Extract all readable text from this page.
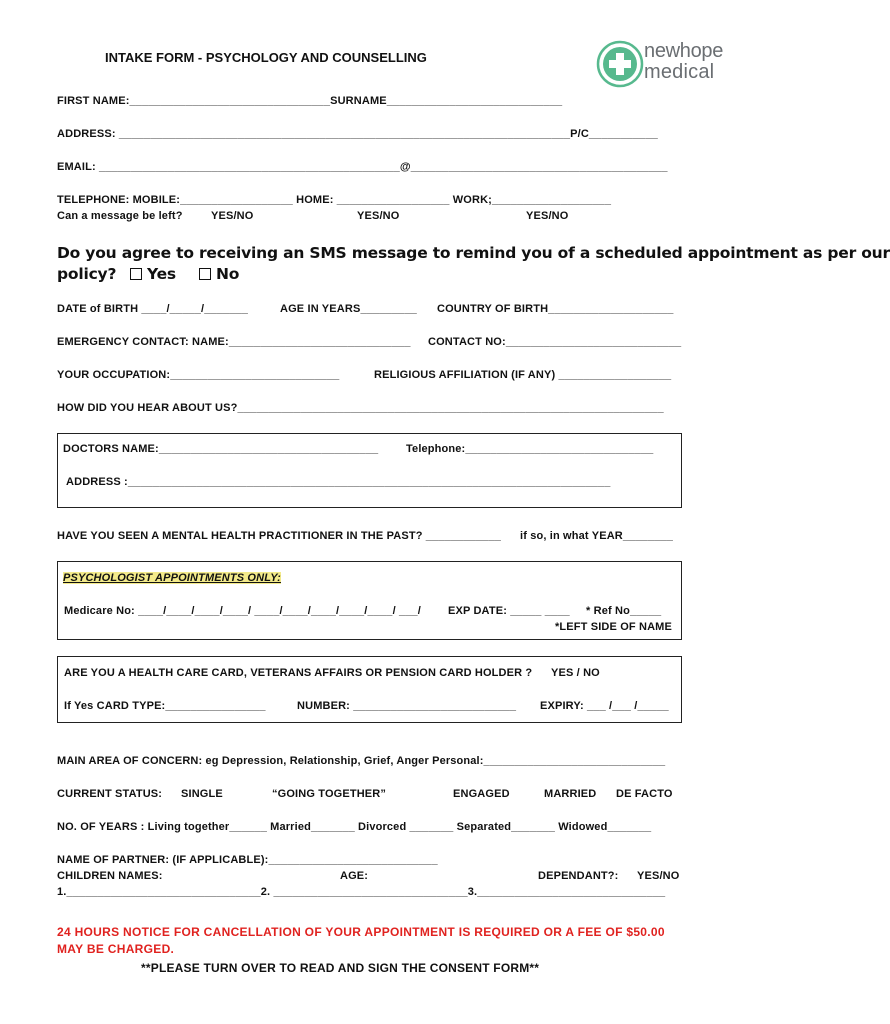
INTAKE FORM - PSYCHOLOGY AND COUNSELLING	newhope
medical
FIRST NAME:________________________________SURNAME____________________________
ADDRESS: ________________________________________________________________________P/C___________
EMAIL: ________________________________________________@_________________________________________
TELEPHONE: MOBILE:__________________ HOME: __________________ WORK;___________________
Can a message be left?	YES/NO	YES/NO	YES/NO
Do you agree to receiving an SMS message to remind you of a scheduled appointment as per our
policy?	Yes	No
DATE of BIRTH ____/_____/_______	AGE IN YEARS_________ COUNTRY OF BIRTH____________________
EMERGENCY CONTACT: NAME:_____________________________ CONTACT NO:____________________________
YOUR OCCUPATION:___________________________	RELIGIOUS AFFILIATION (IF ANY) __________________
HOW DID YOU HEAR ABOUT US?____________________________________________________________________
DOCTORS NAME:___________________________________	Telephone:______________________________
ADDRESS :_____________________________________________________________________________
HAVE YOU SEEN A MENTAL HEALTH PRACTITIONER IN THE PAST? ____________ if so, in what YEAR________
PSYCHOLOGIST APPOINTMENTS ONLY:
Medicare No: ____/____/____/____/ ____/____/____/____/____/ ___/ EXP DATE: _____ ____ * Ref No_____
*LEFT SIDE OF NAME
ARE YOU A HEALTH CARE CARD, VETERANS AFFAIRS OR PENSION CARD HOLDER ? YES / NO
If Yes CARD TYPE:________________	NUMBER: __________________________ EXPIRY: ___ /___ /_____
MAIN AREA OF CONCERN: eg Depression, Relationship, Grief, Anger Personal:_____________________________
CURRENT STATUS: SINGLE	“GOING TOGETHER”	ENGAGED	MARRIED DE FACTO
NO. OF YEARS : Living together______ Married_______ Divorced _______ Separated_______ Widowed_______
NAME OF PARTNER: (IF APPLICABLE):___________________________
CHILDREN NAMES:	AGE:	DEPENDANT?: YES/NO
1._______________________________2. _______________________________3.______________________________
24 HOURS NOTICE FOR CANCELLATION OF YOUR APPOINTMENT IS REQUIRED OR A FEE OF $50.00
MAY BE CHARGED.
**PLEASE TURN OVER TO READ AND SIGN THE CONSENT FORM**
